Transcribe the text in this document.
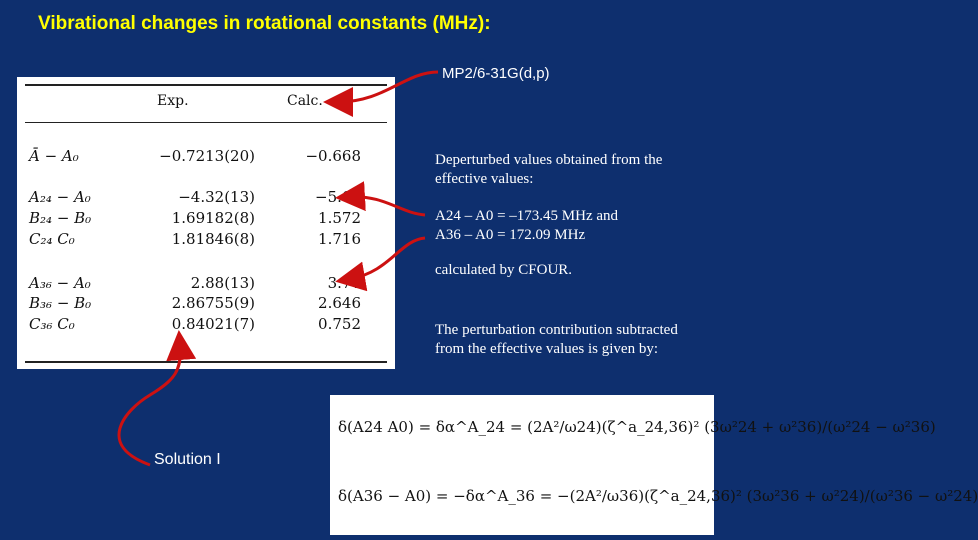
Vibrational changes in rotational constants (MHz):
MP2/6-31G(d,p)
Exp.	Calc.
Ā − A₀	−0.7213(20)	−0.668
A₂₄ − A₀	−4.32(13)	−5.02
B₂₄ − B₀	1.69182(8)	1.572
C₂₄ C₀	1.81846(8)	1.716
A₃₆ − A₀	2.88(13)	3.74
B₃₆ − B₀	2.86755(9)	2.646
C₃₆ C₀	0.84021(7)	0.752
Deperturbed values obtained from the effective values:
A24 – A0 = –173.45 MHz and
A36 – A0 = 172.09 MHz
calculated by CFOUR.
The perturbation contribution subtracted from the effective values is given by:
δ(A24 A0) = δα^A_24 = (2A²/ω24)(ζ^a_24,36)² (3ω²24 + ω²36)/(ω²24 − ω²36)
δ(A36 − A0) = −δα^A_36 = −(2A²/ω36)(ζ^a_24,36)² (3ω²36 + ω²24)/(ω²36 − ω²24)
Solution I
